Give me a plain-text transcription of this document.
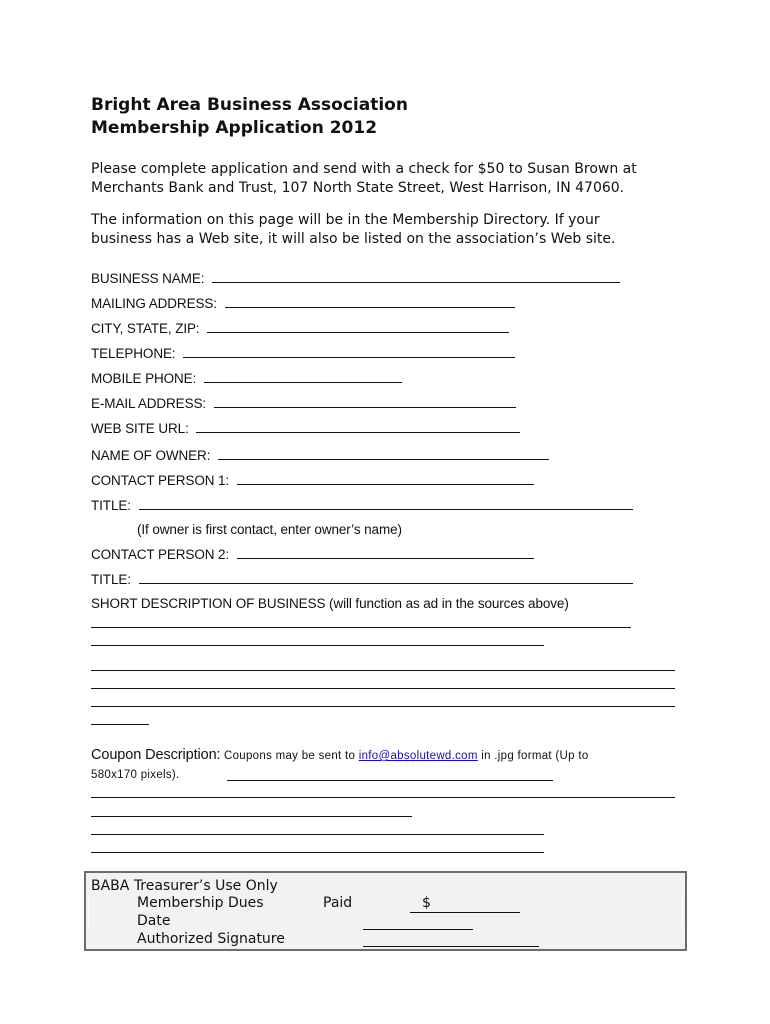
Bright Area Business Association
Membership Application 2012
Please complete application and send with a check for $50 to Susan Brown at
Merchants Bank and Trust, 107 North State Street, West Harrison, IN 47060.
The information on this page will be in the Membership Directory. If your
business has a Web site, it will also be listed on the association’s Web site.
BUSINESS NAME:
MAILING ADDRESS:
CITY, STATE, ZIP:
TELEPHONE:
MOBILE PHONE:
E-MAIL ADDRESS:
WEB SITE URL:
NAME OF OWNER:
CONTACT PERSON 1:
TITLE:
(If owner is first contact, enter owner’s name)
CONTACT PERSON 2:
TITLE:
SHORT DESCRIPTION OF BUSINESS (will function as ad in the sources above)
Coupon Description: Coupons may be sent to info@absolutewd.com in .jpg format (Up to
580x170 pixels).
BABA Treasurer’s Use Only
Membership Dues	Paid	$
Date
Authorized Signature
